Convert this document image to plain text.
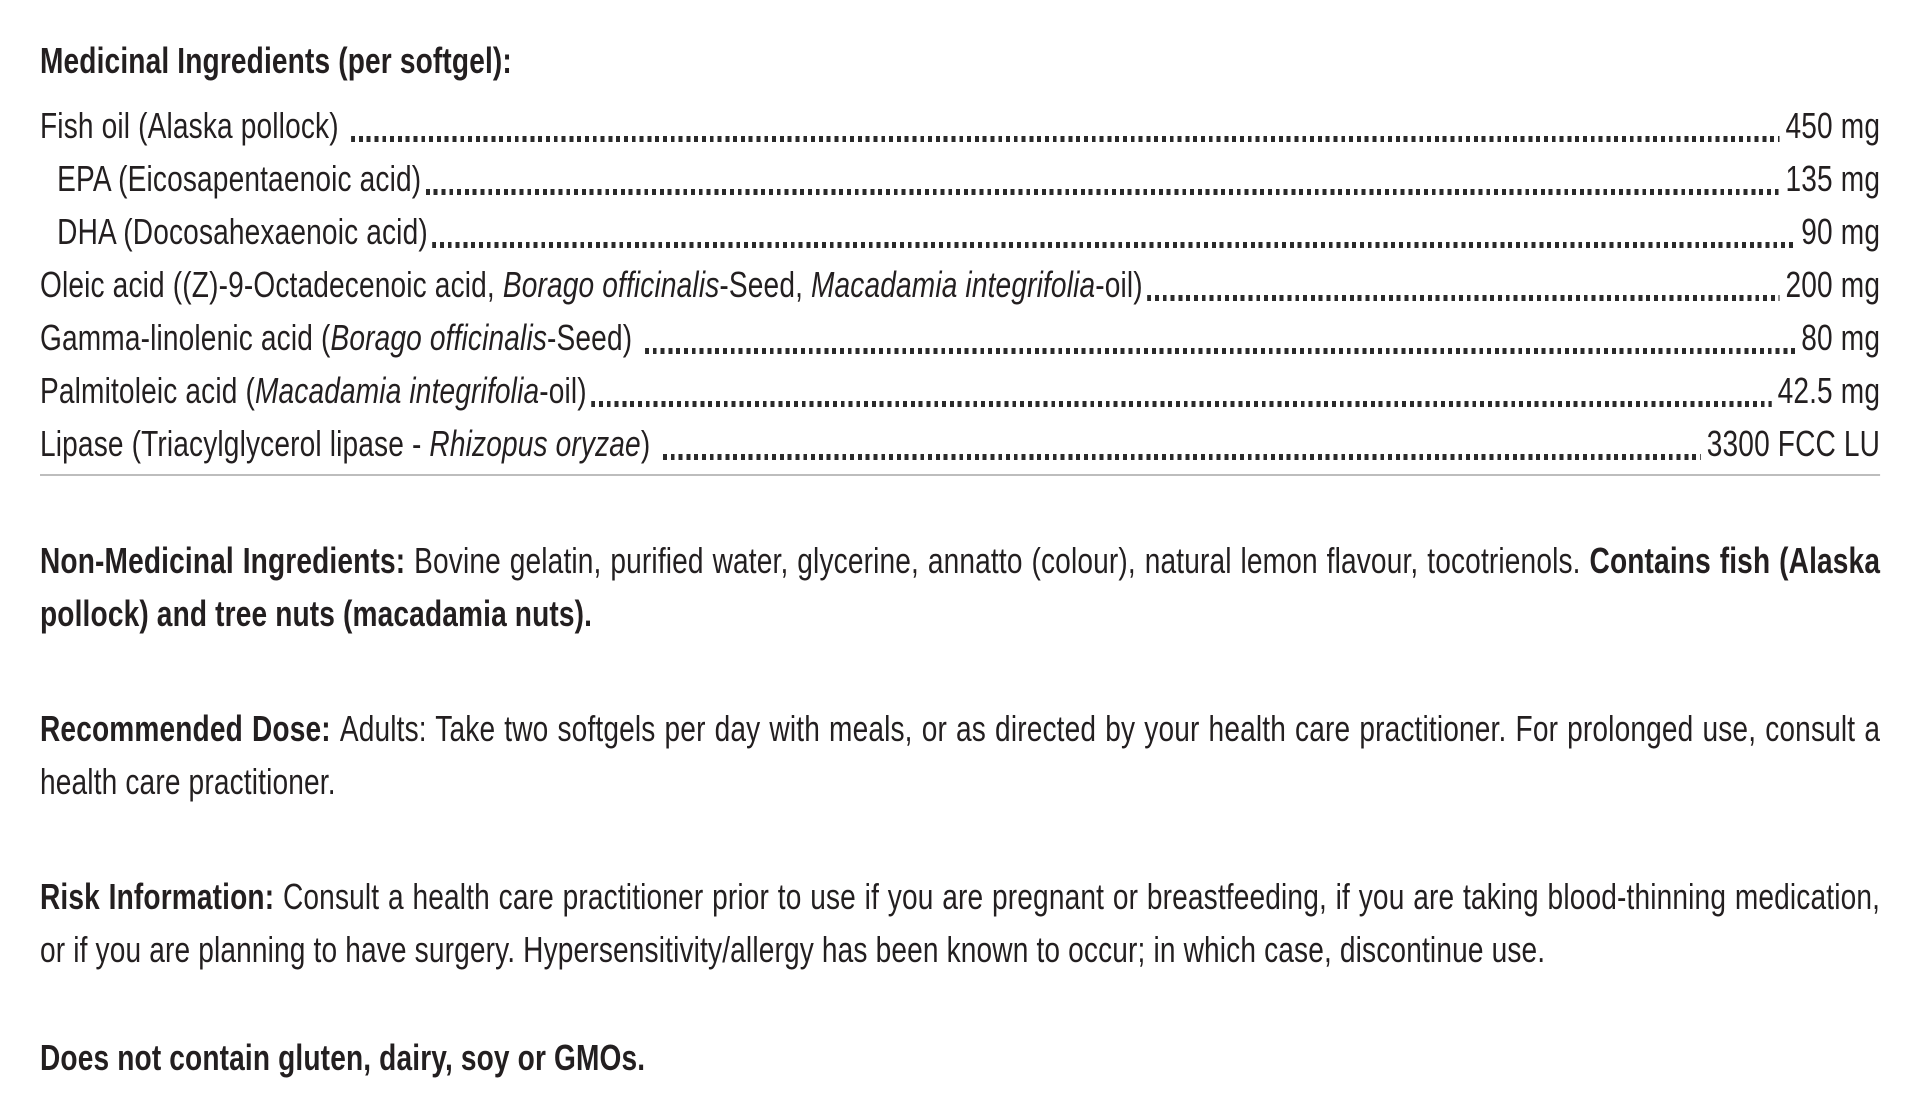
Medicinal Ingredients (per softgel):
Fish oil (Alaska pollock)	450 mg
EPA (Eicosapentaenoic acid)	135 mg
DHA (Docosahexaenoic acid)	90 mg
Oleic acid ((Z)-9-Octadecenoic acid, Borago officinalis-Seed, Macadamia integrifolia-oil)	200 mg
Gamma-linolenic acid (Borago officinalis-Seed)	80 mg
Palmitoleic acid (Macadamia integrifolia-oil)	42.5 mg
Lipase (Triacylglycerol lipase - Rhizopus oryzae)	3300 FCC LU

Non-Medicinal Ingredients: Bovine gelatin, purified water, glycerine, annatto (colour), natural lemon flavour, tocotrienols. Contains fish (Alaska pollock) and tree nuts (macadamia nuts).

Recommended Dose: Adults: Take two softgels per day with meals, or as directed by your health care practitioner. For prolonged use, consult a health care practitioner.

Risk Information: Consult a health care practitioner prior to use if you are pregnant or breastfeeding, if you are taking blood-thinning medication, or if you are planning to have surgery. Hypersensitivity/allergy has been known to occur; in which case, discontinue use.

Does not contain gluten, dairy, soy or GMOs.
